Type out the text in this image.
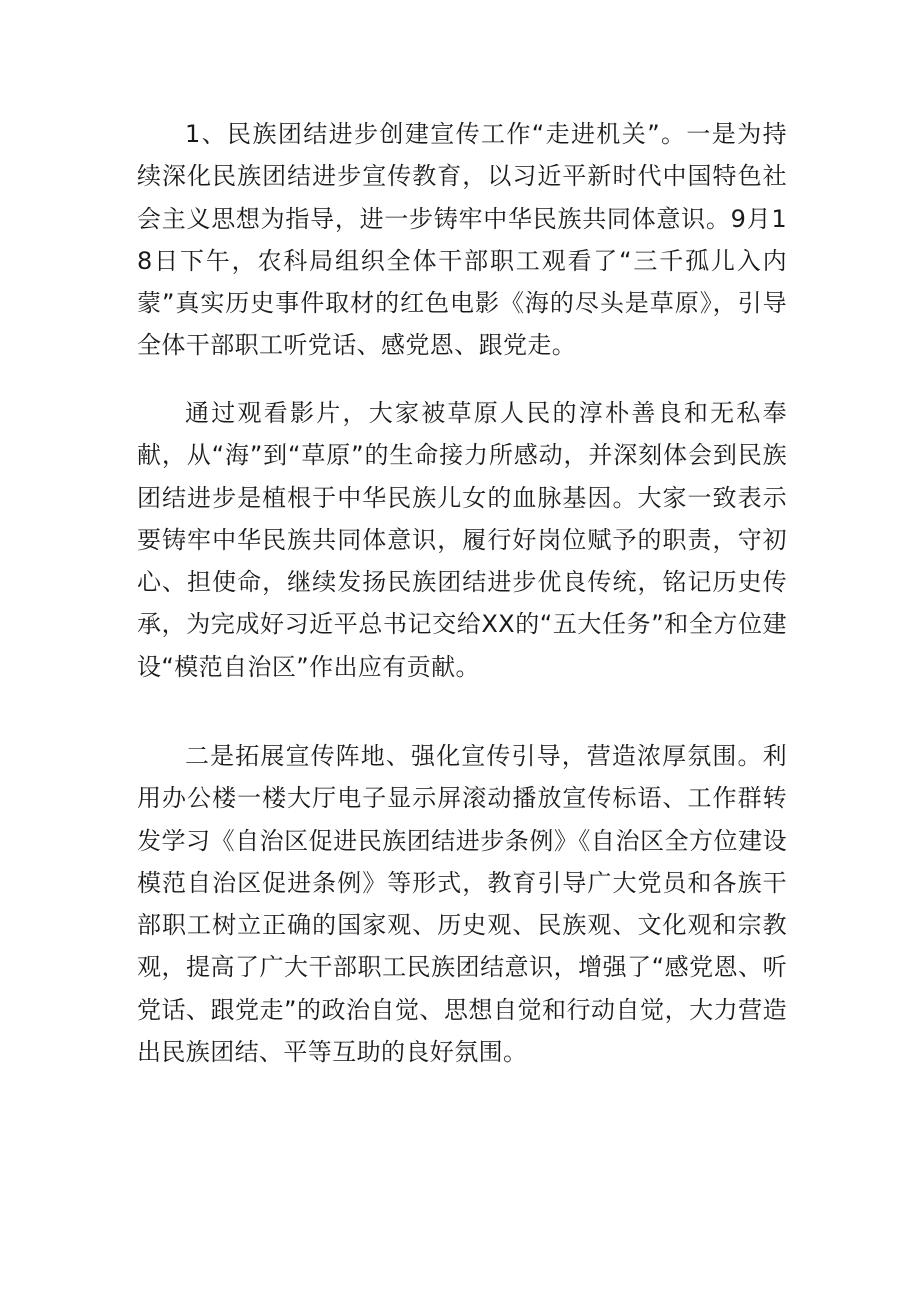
1、民族团结进步创建宣传工作“走进机关”。一是为持续深化民族团结进步宣传教育，以习近平新时代中国特色社会主义思想为指导，进一步铸牢中华民族共同体意识。9月18日下午，农科局组织全体干部职工观看了“三千孤儿入内蒙”真实历史事件取材的红色电影《海的尽头是草原》，引导全体干部职工听党话、感党恩、跟党走。

通过观看影片，大家被草原人民的淳朴善良和无私奉献，从“海”到“草原”的生命接力所感动，并深刻体会到民族团结进步是植根于中华民族儿女的血脉基因。大家一致表示要铸牢中华民族共同体意识，履行好岗位赋予的职责，守初心、担使命，继续发扬民族团结进步优良传统，铭记历史传承，为完成好习近平总书记交给XX的“五大任务”和全方位建设“模范自治区”作出应有贡献。

二是拓展宣传阵地、强化宣传引导，营造浓厚氛围。利用办公楼一楼大厅电子显示屏滚动播放宣传标语、工作群转发学习《自治区促进民族团结进步条例》《自治区全方位建设模范自治区促进条例》等形式，教育引导广大党员和各族干部职工树立正确的国家观、历史观、民族观、文化观和宗教观，提高了广大干部职工民族团结意识，增强了“感党恩、听党话、跟党走”的政治自觉、思想自觉和行动自觉，大力营造出民族团结、平等互助的良好氛围。
